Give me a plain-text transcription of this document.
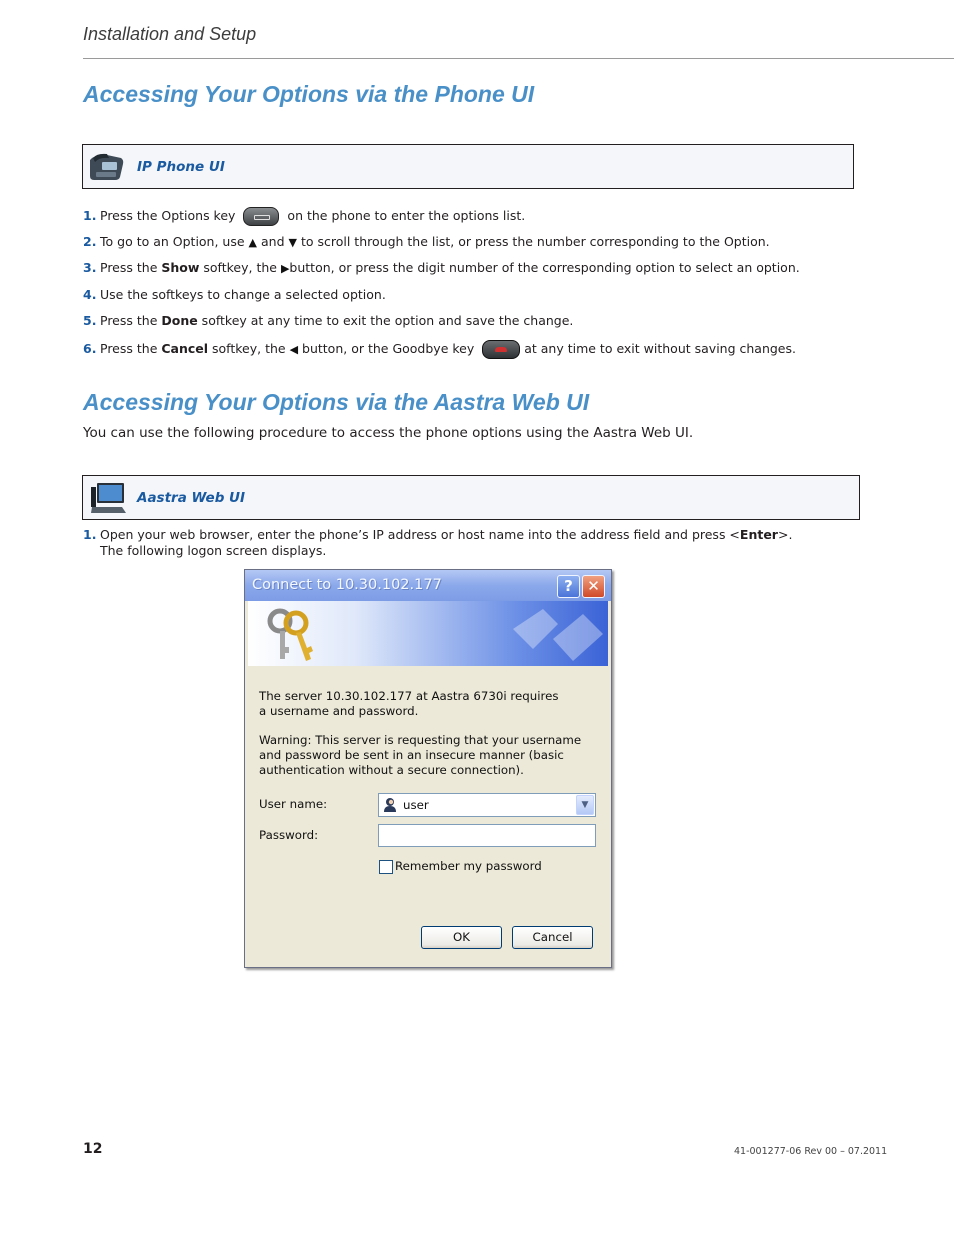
Installation and Setup
Accessing Your Options via the Phone UI
IP Phone UI
1. Press the Options key	on the phone to enter the options list.
2. To go to an Option, use ▲ and ▼ to scroll through the list, or press the number corresponding to the Option.
3. Press the Show softkey, the ▶button, or press the digit number of the corresponding option to select an option.
4. Use the softkeys to change a selected option.
5. Press the Done softkey at any time to exit the option and save the change.
6. Press the Cancel softkey, the ◀ button, or the Goodbye key	at any time to exit without saving changes.
Accessing Your Options via the Aastra Web UI
You can use the following procedure to access the phone options using the Aastra Web UI.
Aastra Web UI
1. Open your web browser, enter the phone’s IP address or host name into the address field and press <Enter>.
The following logon screen displays.
Connect to 10.30.102.177	? ✕
The server 10.30.102.177 at Aastra 6730i requires a username and password.
Warning: This server is requesting that your username and password be sent in an insecure manner (basic authentication without a secure connection).
User name:	user	▼
Password:
Remember my password
OK	Cancel
12	41-001277-06 Rev 00 – 07.2011
